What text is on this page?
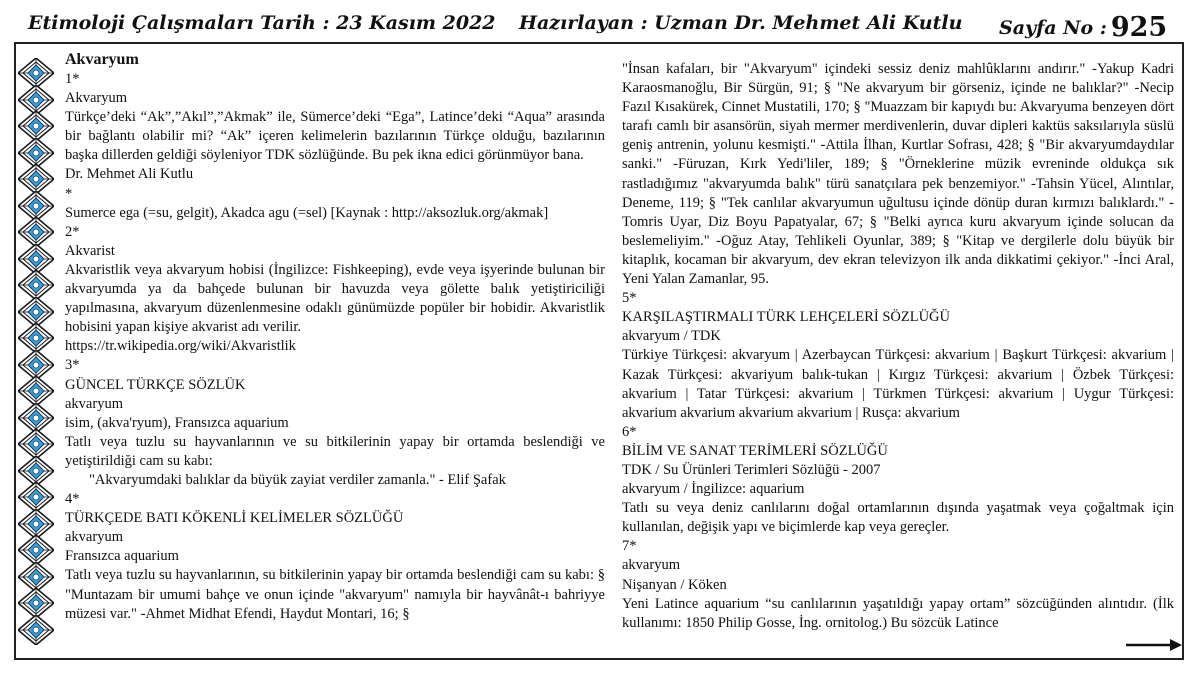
Etimoloji Çalışmaları Tarih : 23 Kasım 2022 Hazırlayan : Uzman Dr. Mehmet Ali Kutlu Sayfa No : 925

Akvaryum

1*

Akvaryum

Türkçe’deki “Ak”,”Akıl”,”Akmak” ile, Sümerce’deki “Ega”, Latince’deki “Aqua” arasında bir bağlantı olabilir mi? “Ak” içeren kelimelerin bazılarının Türkçe olduğu, bazılarının başka dillerden geldiği söyleniyor TDK sözlüğünde. Bu pek ikna edici görünmüyor bana.

Dr. Mehmet Ali Kutlu

*

Sumerce ega (=su, gelgit), Akadca agu (=sel) [Kaynak : http://aksozluk.org/akmak]

2*

Akvarist

Akvaristlik veya akvaryum hobisi (İngilizce: Fishkeeping), evde veya işyerinde bulunan bir akvaryumda ya da bahçede bulunan bir havuzda veya gölette balık yetiştiriciliği yapılmasına, akvaryum düzenlenmesine odaklı günümüzde popüler bir hobidir. Akvaristlik hobisini yapan kişiye akvarist adı verilir.

https://tr.wikipedia.org/wiki/Akvaristlik

3*

GÜNCEL TÜRKÇE SÖZLÜK

akvaryum

isim, (akva'ryum), Fransızca aquarium

Tatlı veya tuzlu su hayvanlarının ve su bitkilerinin yapay bir ortamda beslendiği ve yetiştirildiği cam su kabı:

"Akvaryumdaki balıklar da büyük zayiat verdiler zamanla." - Elif Şafak

4*

TÜRKÇEDE BATI KÖKENLİ KELİMELER SÖZLÜĞÜ

akvaryum

Fransızca aquarium

Tatlı veya tuzlu su hayvanlarının, su bitkilerinin yapay bir ortamda beslendiği cam su kabı: § "Muntazam bir umumi bahçe ve onun içinde "akvaryum" namıyla bir hayvânât-ı bahriyye müzesi var." -Ahmet Midhat Efendi, Haydut Montari, 16; §

"İnsan kafaları, bir "Akvaryum" içindeki sessiz deniz mahlûklarını andırır." -Yakup Kadri Karaosmanoğlu, Bir Sürgün, 91; § "Ne akvaryum bir görseniz, içinde ne balıklar?" -Necip Fazıl Kısakürek, Cinnet Mustatili, 170; § "Muazzam bir kapıydı bu: Akvaryuma benzeyen dört tarafı camlı bir asansörün, siyah mermer merdivenlerin, duvar dipleri kaktüs saksılarıyla süslü geniş antrenin, yolunu kesmişti." -Attila İlhan, Kurtlar Sofrası, 428; § "Bir akvaryumdaydılar sanki." -Füruzan, Kırk Yedi'liler, 189; § "Örneklerine müzik evreninde oldukça sık rastladığımız "akvaryumda balık" türü sanatçılara pek benzemiyor." -Tahsin Yücel, Alıntılar, Deneme, 119; § "Tek canlılar akvaryumun uğultusu içinde dönüp duran kırmızı balıklardı." -Tomris Uyar, Diz Boyu Papatyalar, 67; § "Belki ayrıca kuru akvaryum içinde solucan da beslemeliyim." -Oğuz Atay, Tehlikeli Oyunlar, 389; § "Kitap ve dergilerle dolu büyük bir kitaplık, kocaman bir akvaryum, dev ekran televizyon ilk anda dikkatimi çekiyor." -İnci Aral, Yeni Yalan Zamanlar, 95.

5*

KARŞILAŞTIRMALI TÜRK LEHÇELERİ SÖZLÜĞÜ

akvaryum / TDK

Türkiye Türkçesi: akvaryum | Azerbaycan Türkçesi: akvarium | Başkurt Türkçesi: akvarium | Kazak Türkçesi: akvariyum balık-tukan | Kırgız Türkçesi: akvarium | Özbek Türkçesi: akvarium | Tatar Türkçesi: akvarium | Türkmen Türkçesi: akvarium | Uygur Türkçesi: akvarium akvarium akvarium akvarium | Rusça: akvarium

6*

BİLİM VE SANAT TERİMLERİ SÖZLÜĞÜ

TDK / Su Ürünleri Terimleri Sözlüğü - 2007

akvaryum / İngilizce: aquarium

Tatlı su veya deniz canlılarını doğal ortamlarının dışında yaşatmak veya çoğaltmak için kullanılan, değişik yapı ve biçimlerde kap veya gereçler.

7*

akvaryum

Nişanyan / Köken

Yeni Latince aquarium “su canlılarının yaşatıldığı yapay ortam” sözcüğünden alıntıdır. (İlk kullanımı: 1850 Philip Gosse, İng. ornitolog.) Bu sözcük Latince
